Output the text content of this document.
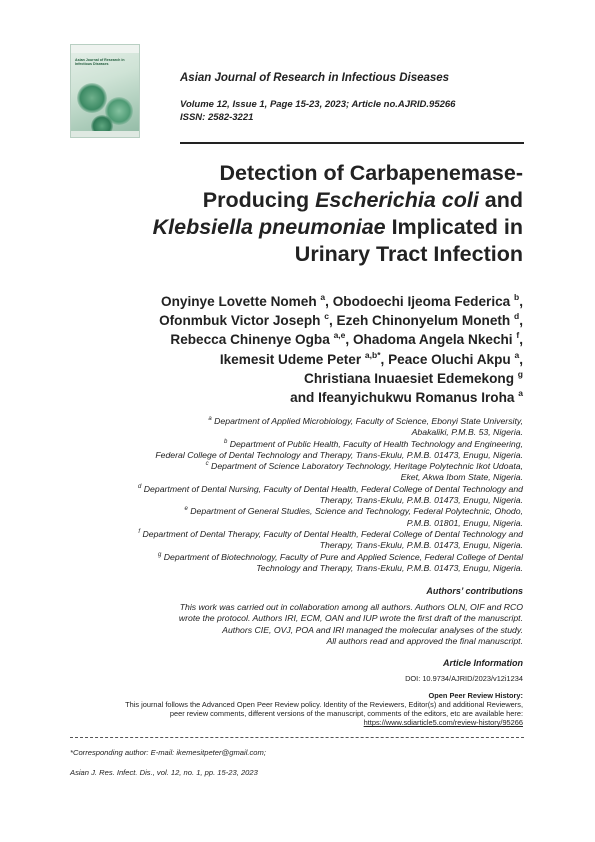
Asian Journal of Research in Infectious Diseases
Asian Journal of Research in Infectious Diseases
Volume 12, Issue 1, Page 15-23, 2023; Article no.AJRID.95266
ISSN: 2582-3221
Detection of Carbapenemase-
Producing Escherichia coli and
Klebsiella pneumoniae Implicated in
Urinary Tract Infection
Onyinye Lovette Nomeh $^a$, Obodoechi Ijeoma Federica $^b$,
Ofonmbuk Victor Joseph $^c$, Ezeh Chinonyelum Moneth $^d$,
Rebecca Chinenye Ogba $^{a,e}$, Ohadoma Angela Nkechi $^f$,
Ikemesit Udeme Peter $^{a,b*}$, Peace Oluchi Akpu $^a$,
Christiana Inuaesiet Edemekong $^g$
and Ifeanyichukwu Romanus Iroha $^a$

$^a$ Department of Applied Microbiology, Faculty of Science, Ebonyi State University,
Abakaliki, P.M.B. 53, Nigeria.

$^b$ Department of Public Health, Faculty of Health Technology and Engineering,
Federal College of Dental Technology and Therapy, Trans-Ekulu, P.M.B. 01473, Enugu, Nigeria.

$^c$ Department of Science Laboratory Technology, Heritage Polytechnic Ikot Udoata,
Eket, Akwa Ibom State, Nigeria.

$^d$ Department of Dental Nursing, Faculty of Dental Health, Federal College of Dental Technology and
Therapy, Trans-Ekulu, P.M.B. 01473, Enugu, Nigeria.

$^e$ Department of General Studies, Science and Technology, Federal Polytechnic, Ohodo,
P.M.B. 01801, Enugu, Nigeria.

$^f$ Department of Dental Therapy, Faculty of Dental Health, Federal College of Dental Technology and
Therapy, Trans-Ekulu, P.M.B. 01473, Enugu, Nigeria.

$^g$ Department of Biotechnology, Faculty of Pure and Applied Science, Federal College of Dental
Technology and Therapy, Trans-Ekulu, P.M.B. 01473, Enugu, Nigeria.

Authors’ contributions

This work was carried out in collaboration among all authors. Authors OLN, OIF and RCO

wrote the protocol. Authors IRI, ECM, OAN and IUP wrote the first draft of the manuscript.

Authors CIE, OVJ, POA and IRI managed the molecular analyses of the study.

All authors read and approved the final manuscript.

Article Information
DOI: 10.9734/AJRID/2023/v12i1234
Open Peer Review History:

This journal follows the Advanced Open Peer Review policy. Identity of the Reviewers, Editor(s) and additional Reviewers,

peer review comments, different versions of the manuscript, comments of the editors, etc are available here:

https://www.sdiarticle5.com/review-history/95266

*Corresponding author: E-mail: ikemesitpeter@gmail.com;
Asian J. Res. Infect. Dis., vol. 12, no. 1, pp. 15-23, 2023
